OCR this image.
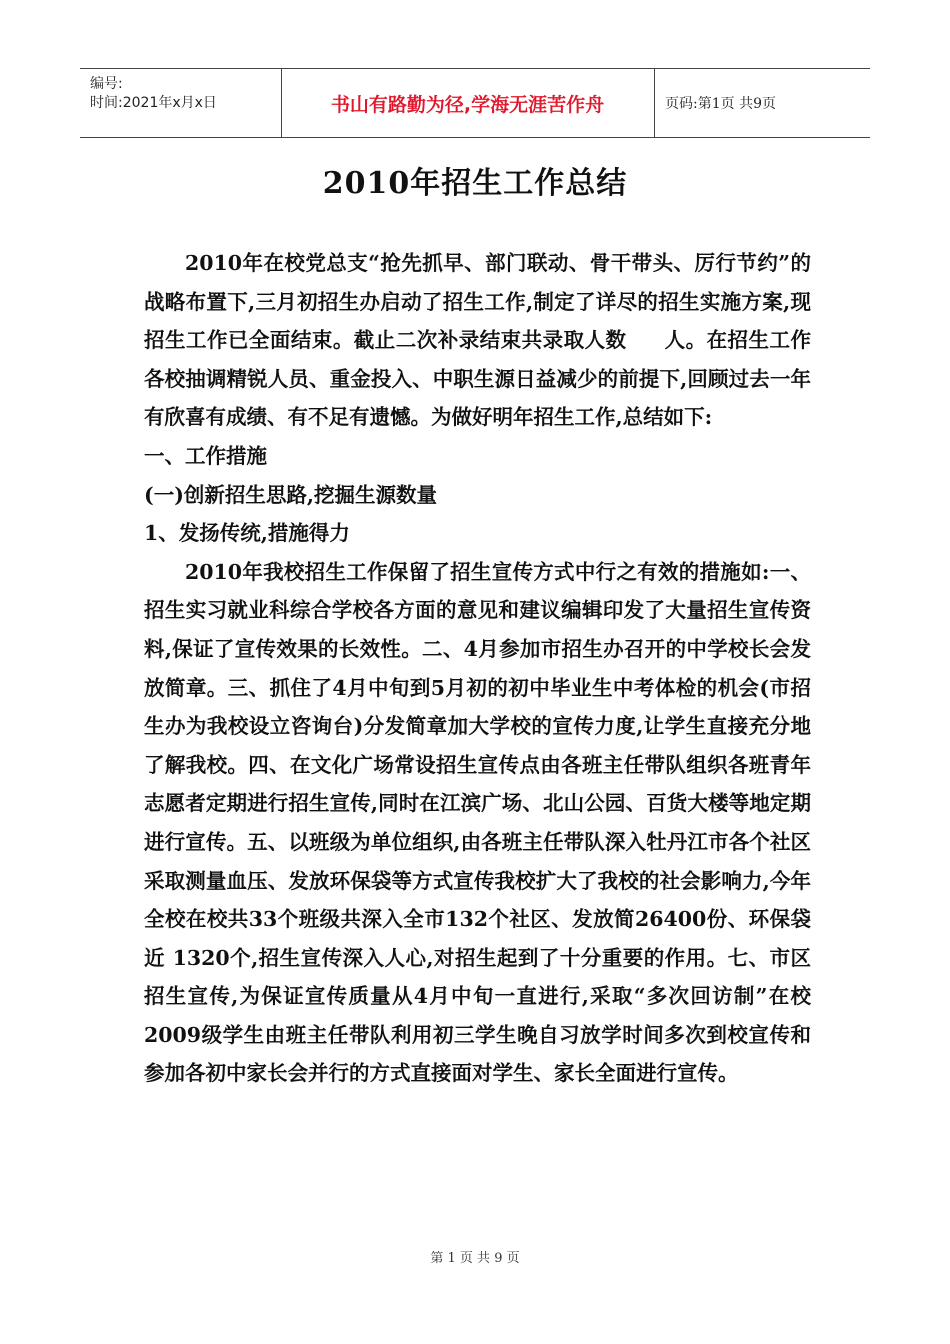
编号:
时间:2021年x月x日	书山有路勤为径,学海无涯苦作舟	页码:第1页 共9页
2010年招生工作总结

2010年在校党总支“抢先抓早、部门联动、骨干带头、厉行节约”的战略布置下,三月初招生办启动了招生工作,制定了详尽的招生实施方案,现招生工作已全面结束。截止二次补录结束共录取人数     人。在招生工作各校抽调精锐人员、重金投入、中职生源日益减少的前提下,回顾过去一年有欣喜有成绩、有不足有遗憾。为做好明年招生工作,总结如下:

一、工作措施

(一)创新招生思路,挖掘生源数量

1、发扬传统,措施得力

2010年我校招生工作保留了招生宣传方式中行之有效的措施如:一、招生实习就业科综合学校各方面的意见和建议编辑印发了大量招生宣传资料,保证了宣传效果的长效性。二、4月参加市招生办召开的中学校长会发放简章。三、抓住了4月中旬到5月初的初中毕业生中考体检的机会(市招生办为我校设立咨询台)分发简章加大学校的宣传力度,让学生直接充分地了解我校。四、在文化广场常设招生宣传点由各班主任带队组织各班青年志愿者定期进行招生宣传,同时在江滨广场、北山公园、百货大楼等地定期进行宣传。五、以班级为单位组织,由各班主任带队深入牡丹江市各个社区采取测量血压、发放环保袋等方式宣传我校扩大了我校的社会影响力,今年全校在校共33个班级共深入全市132个社区、发放简26400份、环保袋近 1320个,招生宣传深入人心,对招生起到了十分重要的作用。七、市区招生宣传,为保证宣传质量从4月中旬一直进行,采取“多次回访制”在校2009级学生由班主任带队利用初三学生晚自习放学时间多次到校宣传和参加各初中家长会并行的方式直接面对学生、家长全面进行宣传。

第 1 页 共 9 页
